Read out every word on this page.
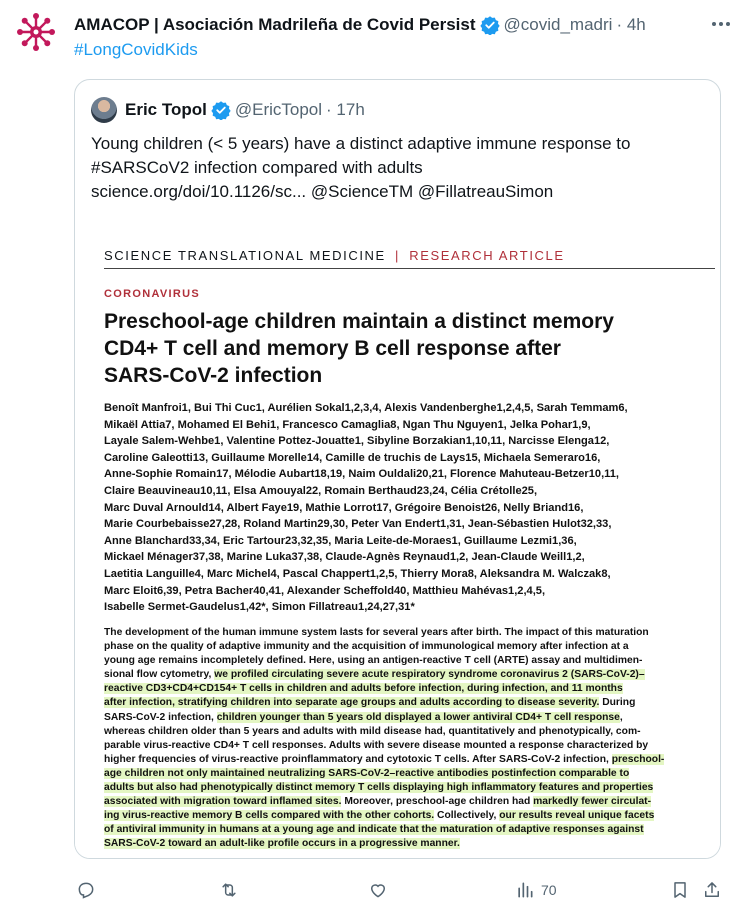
AMACOP | Asociación Madrileña de Covid Persist @covid_madri · 4h
#LongCovidKids
Eric Topol @EricTopol · 17h
Young children (< 5 years) have a distinct adaptive immune response to
#SARSCoV2 infection compared with adults
science.org/doi/10.1126/sc... @ScienceTM @FillatreauSimon
SCIENCE TRANSLATIONAL MEDICINE | RESEARCH ARTICLE
CORONAVIRUS
Preschool-age children maintain a distinct memory
CD4+ T cell and memory B cell response after
SARS-CoV-2 infection
Benoît Manfroi1, Bui Thi Cuc1, Aurélien Sokal1,2,3,4, Alexis Vandenberghe1,2,4,5, Sarah Temmam6,
Mikaël Attia7, Mohamed El Behi1, Francesco Camaglia8, Ngan Thu Nguyen1, Jelka Pohar1,9,
Layale Salem-Wehbe1, Valentine Pottez-Jouatte1, Sibyline Borzakian1,10,11, Narcisse Elenga12,
Caroline Galeotti13, Guillaume Morelle14, Camille de truchis de Lays15, Michaela Semeraro16,
Anne-Sophie Romain17, Mélodie Aubart18,19, Naim Ouldali20,21, Florence Mahuteau-Betzer10,11,
Claire Beauvineau10,11, Elsa Amouyal22, Romain Berthaud23,24, Célia Crétolle25,
Marc Duval Arnould14, Albert Faye19, Mathie Lorrot17, Grégoire Benoist26, Nelly Briand16,
Marie Courbebaisse27,28, Roland Martin29,30, Peter Van Endert1,31, Jean-Sébastien Hulot32,33,
Anne Blanchard33,34, Eric Tartour23,32,35, Maria Leite-de-Moraes1, Guillaume Lezmi1,36,
Mickael Ménager37,38, Marine Luka37,38, Claude-Agnès Reynaud1,2, Jean-Claude Weill1,2,
Laetitia Languille4, Marc Michel4, Pascal Chappert1,2,5, Thierry Mora8, Aleksandra M. Walczak8,
Marc Eloit6,39, Petra Bacher40,41, Alexander Scheffold40, Matthieu Mahévas1,2,4,5,
Isabelle Sermet-Gaudelus1,42*, Simon Fillatreau1,24,27,31*
The development of the human immune system lasts for several years after birth. The impact of this maturation
phase on the quality of adaptive immunity and the acquisition of immunological memory after infection at a
young age remains incompletely defined. Here, using an antigen-reactive T cell (ARTE) assay and multidimen-
sional flow cytometry, we profiled circulating severe acute respiratory syndrome coronavirus 2 (SARS-CoV-2)–
reactive CD3+CD4+CD154+ T cells in children and adults before infection, during infection, and 11 months
after infection, stratifying children into separate age groups and adults according to disease severity. During
SARS-CoV-2 infection, children younger than 5 years old displayed a lower antiviral CD4+ T cell response,
whereas children older than 5 years and adults with mild disease had, quantitatively and phenotypically, com-
parable virus-reactive CD4+ T cell responses. Adults with severe disease mounted a response characterized by
higher frequencies of virus-reactive proinflammatory and cytotoxic T cells. After SARS-CoV-2 infection, preschool-
age children not only maintained neutralizing SARS-CoV-2–reactive antibodies postinfection comparable to
adults but also had phenotypically distinct memory T cells displaying high inflammatory features and properties
associated with migration toward inflamed sites. Moreover, preschool-age children had markedly fewer circulat-
ing virus-reactive memory B cells compared with the other cohorts. Collectively, our results reveal unique facets
of antiviral immunity in humans at a young age and indicate that the maturation of adaptive responses against
SARS-CoV-2 toward an adult-like profile occurs in a progressive manner.
70
